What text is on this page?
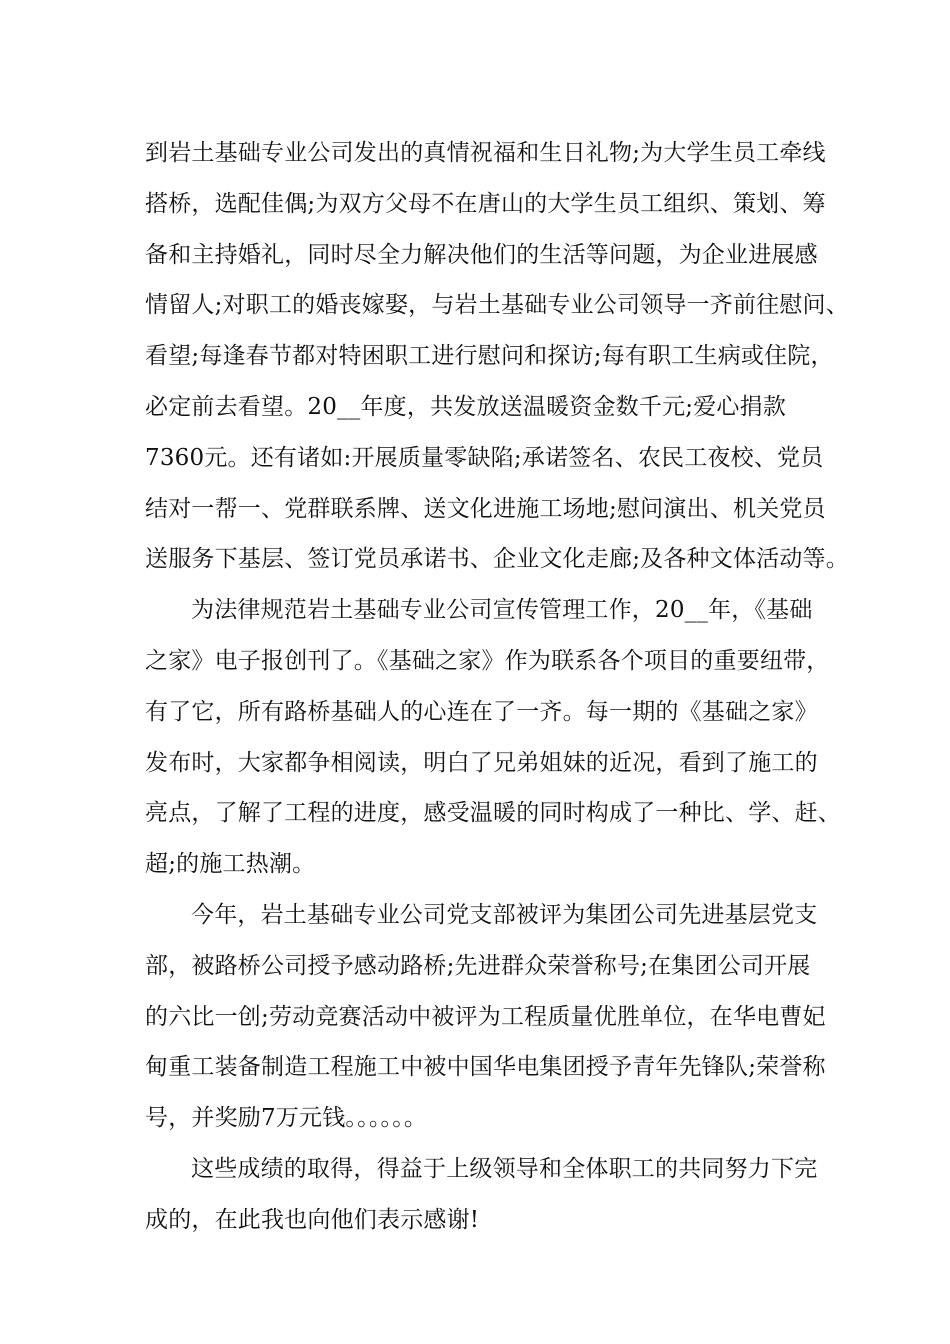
到岩土基础专业公司发出的真情祝福和生日礼物;为大学生员工牵线
搭桥，选配佳偶;为双方父母不在唐山的大学生员工组织、策划、筹
备和主持婚礼，同时尽全力解决他们的生活等问题，为企业进展感
情留人;对职工的婚丧嫁娶，与岩土基础专业公司领导一齐前往慰问、
看望;每逢春节都对特困职工进行慰问和探访;每有职工生病或住院，
必定前去看望。20__年度，共发放送温暖资金数千元;爱心捐款
7360元。还有诸如:开展质量零缺陷;承诺签名、农民工夜校、党员
结对一帮一、党群联系牌、送文化进施工场地;慰问演出、机关党员
送服务下基层、签订党员承诺书、企业文化走廊;及各种文体活动等。
为法律规范岩土基础专业公司宣传管理工作，20__年，《基础
之家》电子报创刊了。《基础之家》作为联系各个项目的重要纽带，
有了它，所有路桥基础人的心连在了一齐。每一期的《基础之家》
发布时，大家都争相阅读，明白了兄弟姐妹的近况，看到了施工的
亮点，了解了工程的进度，感受温暖的同时构成了一种比、学、赶、
超;的施工热潮。
今年，岩土基础专业公司党支部被评为集团公司先进基层党支
部，被路桥公司授予感动路桥;先进群众荣誉称号;在集团公司开展
的六比一创;劳动竞赛活动中被评为工程质量优胜单位，在华电曹妃
甸重工装备制造工程施工中被中国华电集团授予青年先锋队;荣誉称
号，并奖励7万元钱。。。。。。
这些成绩的取得，得益于上级领导和全体职工的共同努力下完
成的，在此我也向他们表示感谢!
